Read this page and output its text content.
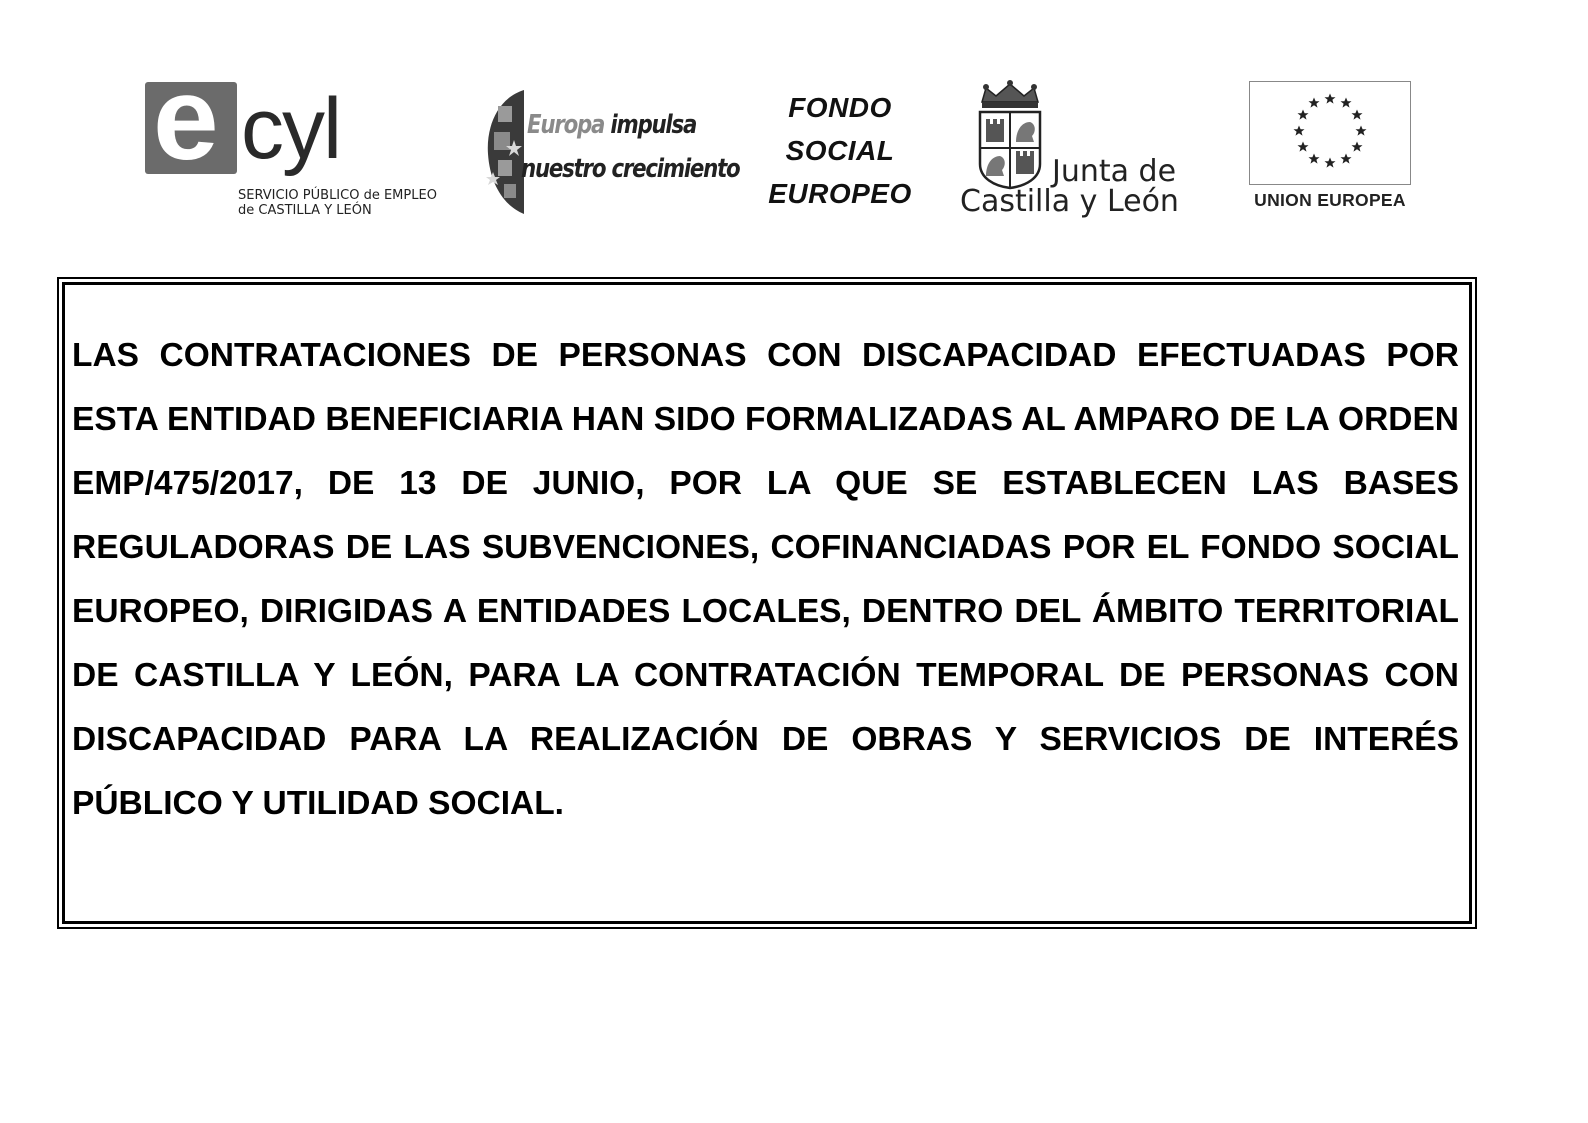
e cyl
SERVICIO PÚBLICO de EMPLEO
de CASTILLA Y LEÓN
Europa impulsa
nuestro crecimiento
FONDO
SOCIAL
EUROPEO
Junta de
Castilla y León	UNION EUROPEA

LAS CONTRATACIONES DE PERSONAS CON DISCAPACIDAD EFECTUADAS POR ESTA ENTIDAD BENEFICIARIA HAN SIDO FORMALIZADAS AL AMPARO DE LA ORDEN EMP/475/2017, DE 13 DE JUNIO, POR LA QUE SE ESTABLECEN LAS BASES REGULADORAS DE LAS SUBVENCIONES, COFINANCIADAS POR EL FONDO SOCIAL EUROPEO, DIRIGIDAS A ENTIDADES LOCALES, DENTRO DEL ÁMBITO TERRITORIAL DE CASTILLA Y LEÓN, PARA LA CONTRATACIÓN TEMPORAL DE PERSONAS CON DISCAPACIDAD PARA LA REALIZACIÓN DE OBRAS Y SERVICIOS DE INTERÉS PÚBLICO Y UTILIDAD SOCIAL.
